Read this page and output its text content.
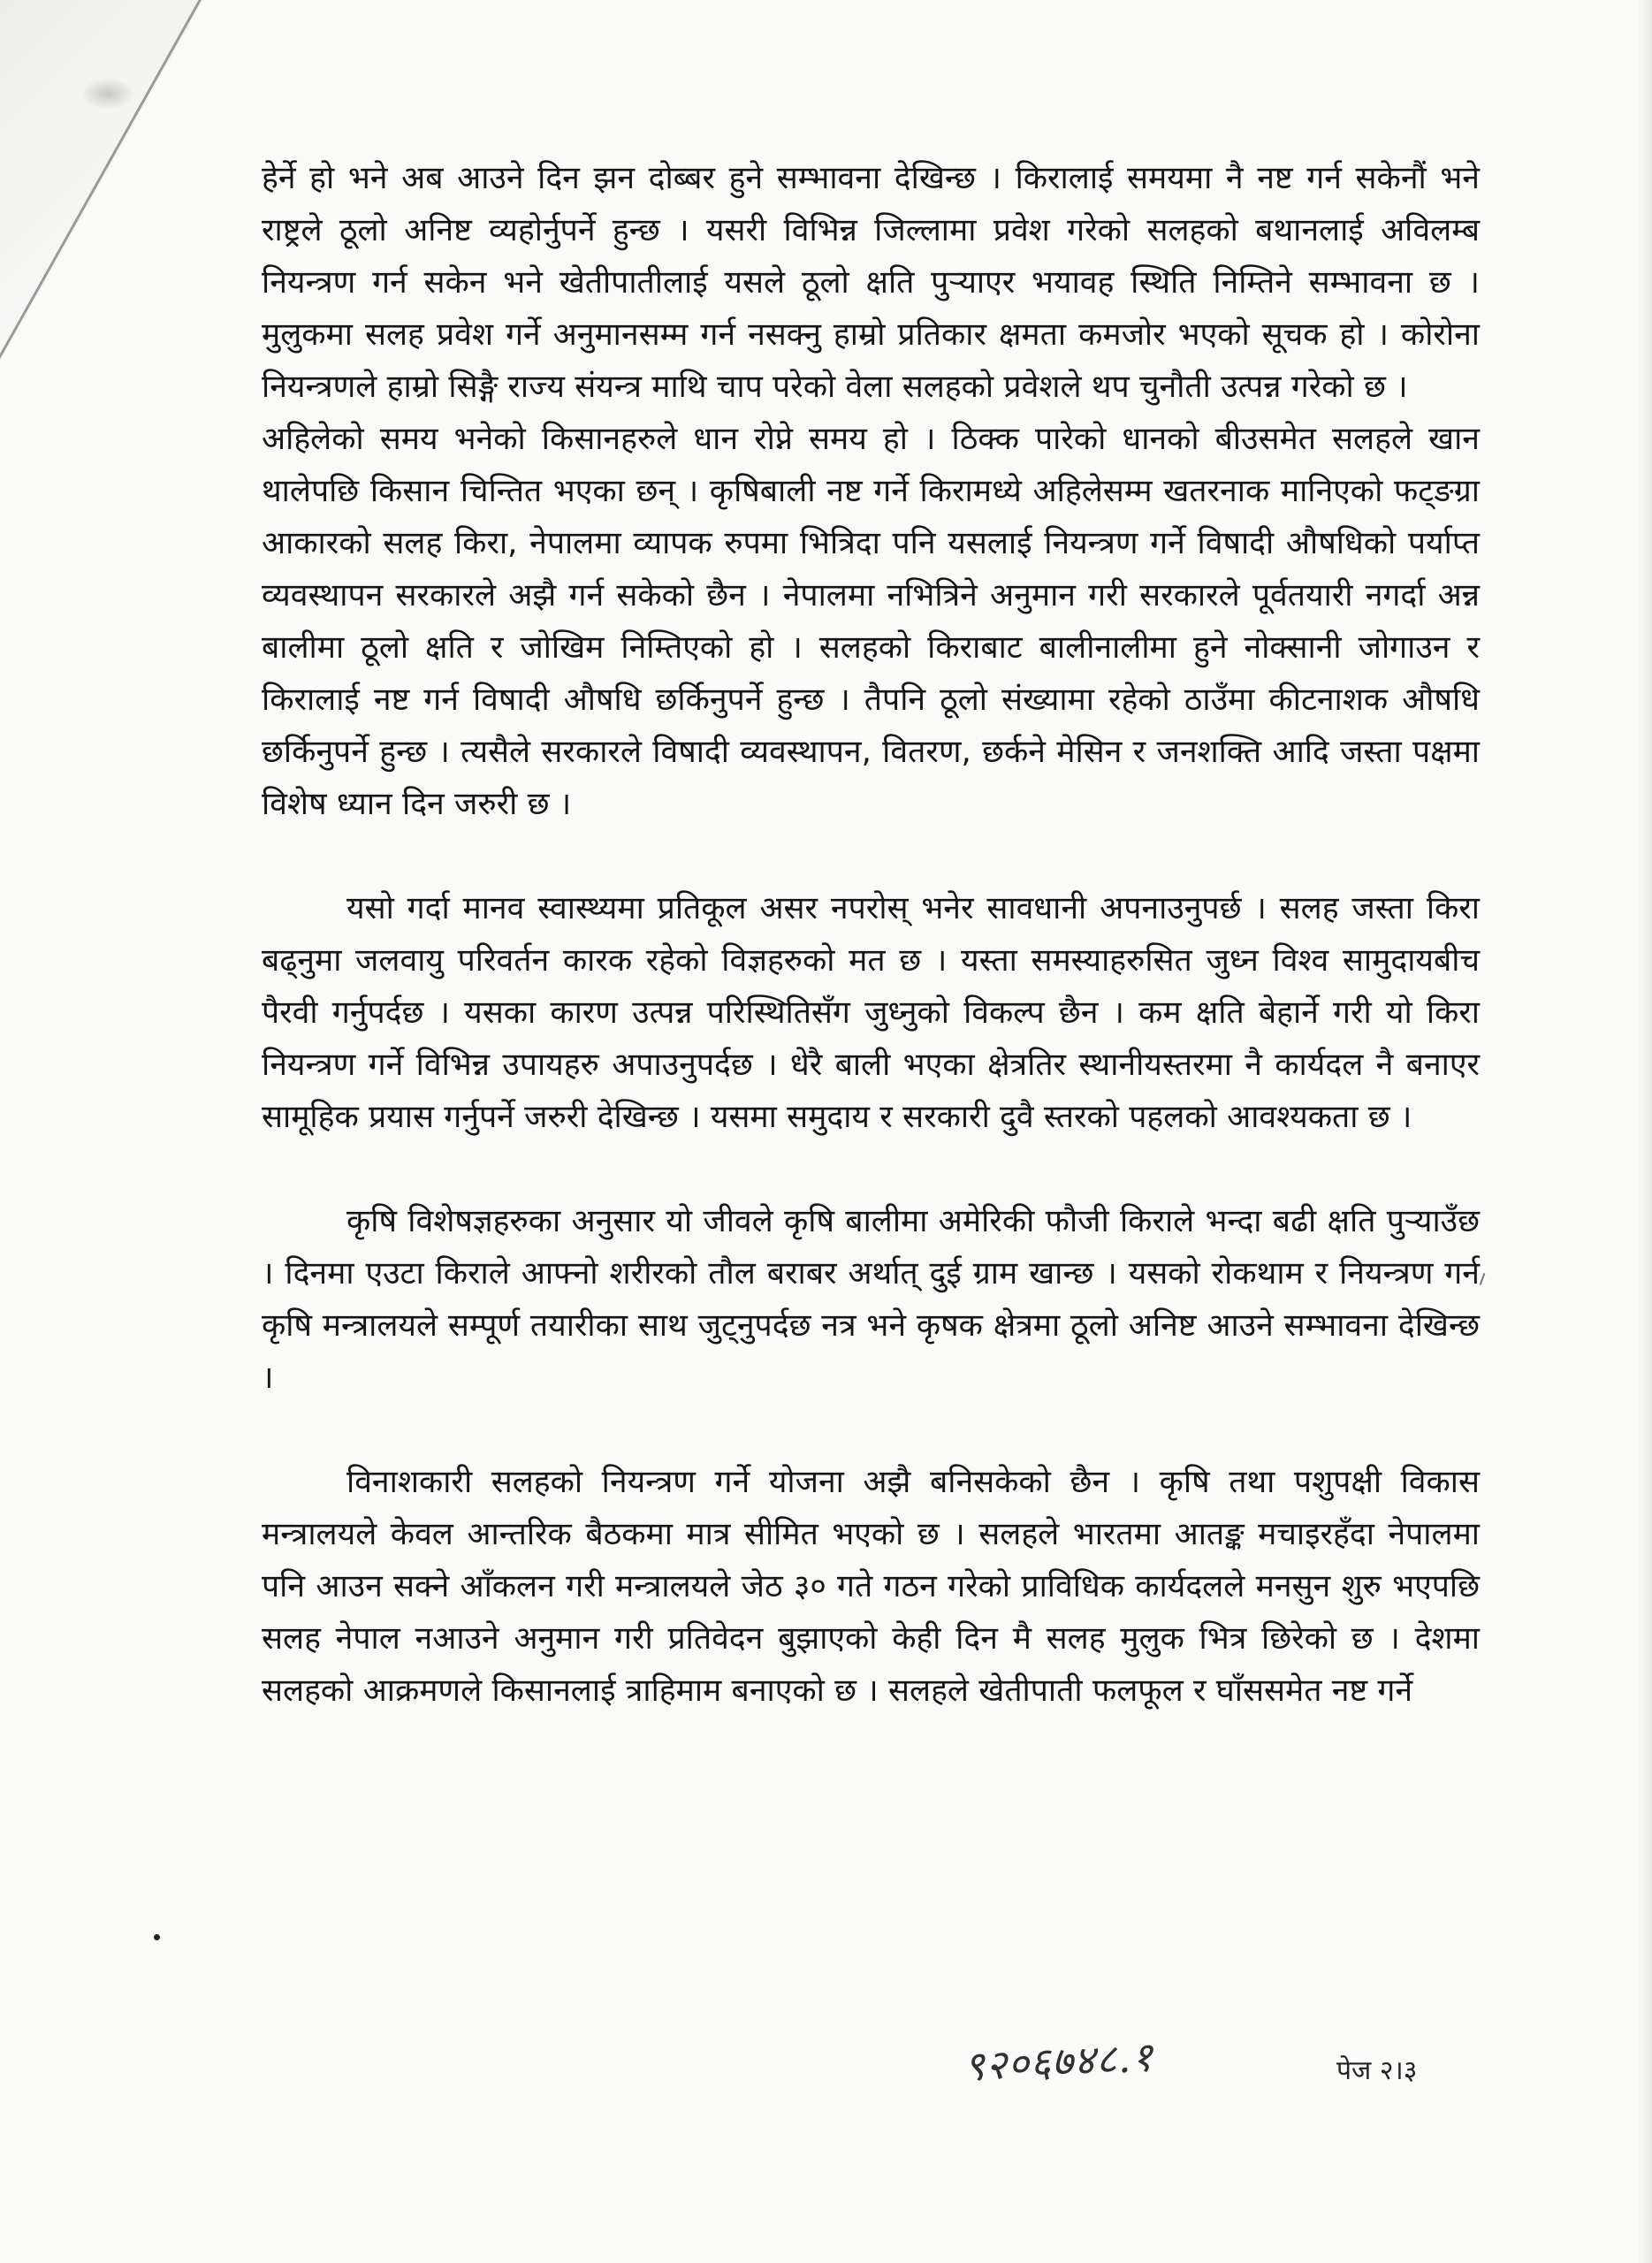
हेर्ने हो भने अब आउने दिन झन दोब्बर हुने सम्भावना देखिन्छ । किरालाई समयमा नै नष्ट गर्न सकेनौं भने राष्ट्रले ठूलो अनिष्ट व्यहोर्नुपर्ने हुन्छ । यसरी विभिन्न जिल्लामा प्रवेश गरेको सलहको बथानलाई अविलम्ब नियन्त्रण गर्न सकेन भने खेतीपातीलाई यसले ठूलो क्षति पुऱ्याएर भयावह स्थिति निम्तिने सम्भावना छ । मुलुकमा सलह प्रवेश गर्ने अनुमानसम्म गर्न नसक्नु हाम्रो प्रतिकार क्षमता कमजोर भएको सूचक हो । कोरोना नियन्त्रणले हाम्रो सिङ्गै राज्य संयन्त्र माथि चाप परेको वेला सलहको प्रवेशले थप चुनौती उत्पन्न गरेको छ ।

अहिलेको समय भनेको किसानहरुले धान रोप्ने समय हो । ठिक्क पारेको धानको बीउसमेत सलहले खान थालेपछि किसान चिन्तित भएका छन् । कृषिबाली नष्ट गर्ने किरामध्ये अहिलेसम्म खतरनाक मानिएको फट्ङग्रा आकारको सलह किरा, नेपालमा व्यापक रुपमा भित्रिदा पनि यसलाई नियन्त्रण गर्ने विषादी औषधिको पर्याप्त व्यवस्थापन सरकारले अझै गर्न सकेको छैन । नेपालमा नभित्रिने अनुमान गरी सरकारले पूर्वतयारी नगर्दा अन्न बालीमा ठूलो क्षति र जोखिम निम्तिएको हो । सलहको किराबाट बालीनालीमा हुने नोक्सानी जोगाउन र किरालाई नष्ट गर्न विषादी औषधि छर्किनुपर्ने हुन्छ । तैपनि ठूलो संख्यामा रहेको ठाउँमा कीटनाशक औषधि छर्किनुपर्ने हुन्छ । त्यसैले सरकारले विषादी व्यवस्थापन, वितरण, छर्कने मेसिन र जनशक्ति आदि जस्ता पक्षमा विशेष ध्यान दिन जरुरी छ ।

यसो गर्दा मानव स्वास्थ्यमा प्रतिकूल असर नपरोस् भनेर सावधानी अपनाउनुपर्छ । सलह जस्ता किरा बढ्नुमा जलवायु परिवर्तन कारक रहेको विज्ञहरुको मत छ । यस्ता समस्याहरुसित जुध्न विश्व सामुदायबीच पैरवी गर्नुपर्दछ । यसका कारण उत्पन्न परिस्थितिसँग जुध्नुको विकल्प छैन । कम क्षति बेहार्ने गरी यो किरा नियन्त्रण गर्ने विभिन्न उपायहरु अपाउनुपर्दछ । धेरै बाली भएका क्षेत्रतिर स्थानीयस्तरमा नै कार्यदल नै बनाएर सामूहिक प्रयास गर्नुपर्ने जरुरी देखिन्छ । यसमा समुदाय र सरकारी दुवै स्तरको पहलको आवश्यकता छ ।

कृषि विशेषज्ञहरुका अनुसार यो जीवले कृषि बालीमा अमेरिकी फौजी किराले भन्दा बढी क्षति पुऱ्याउँछ । दिनमा एउटा किराले आफ्नो शरीरको तौल बराबर अर्थात् दुई ग्राम खान्छ । यसको रोकथाम र नियन्त्रण गर्न कृषि मन्त्रालयले सम्पूर्ण तयारीका साथ जुट्नुपर्दछ नत्र भने कृषक क्षेत्रमा ठूलो अनिष्ट आउने सम्भावना देखिन्छ ।

विनाशकारी सलहको नियन्त्रण गर्ने योजना अझै बनिसकेको छैन । कृषि तथा पशुपक्षी विकास मन्त्रालयले केवल आन्तरिक बैठकमा मात्र सीमित भएको छ । सलहले भारतमा आतङ्क मचाइरहँदा नेपालमा पनि आउन सक्ने आँकलन गरी मन्त्रालयले जेठ ३० गते गठन गरेको प्राविधिक कार्यदलले मनसुन शुरु भएपछि सलह नेपाल नआउने अनुमान गरी प्रतिवेदन बुझाएको केही दिन मै सलह मुलुक भित्र छिरेको छ । देशमा सलहको आक्रमणले किसानलाई त्राहिमाम बनाएको छ । सलहले खेतीपाती फलफूल र घाँससमेत नष्ट गर्ने

९२०६७४८.१	पेज २।३
